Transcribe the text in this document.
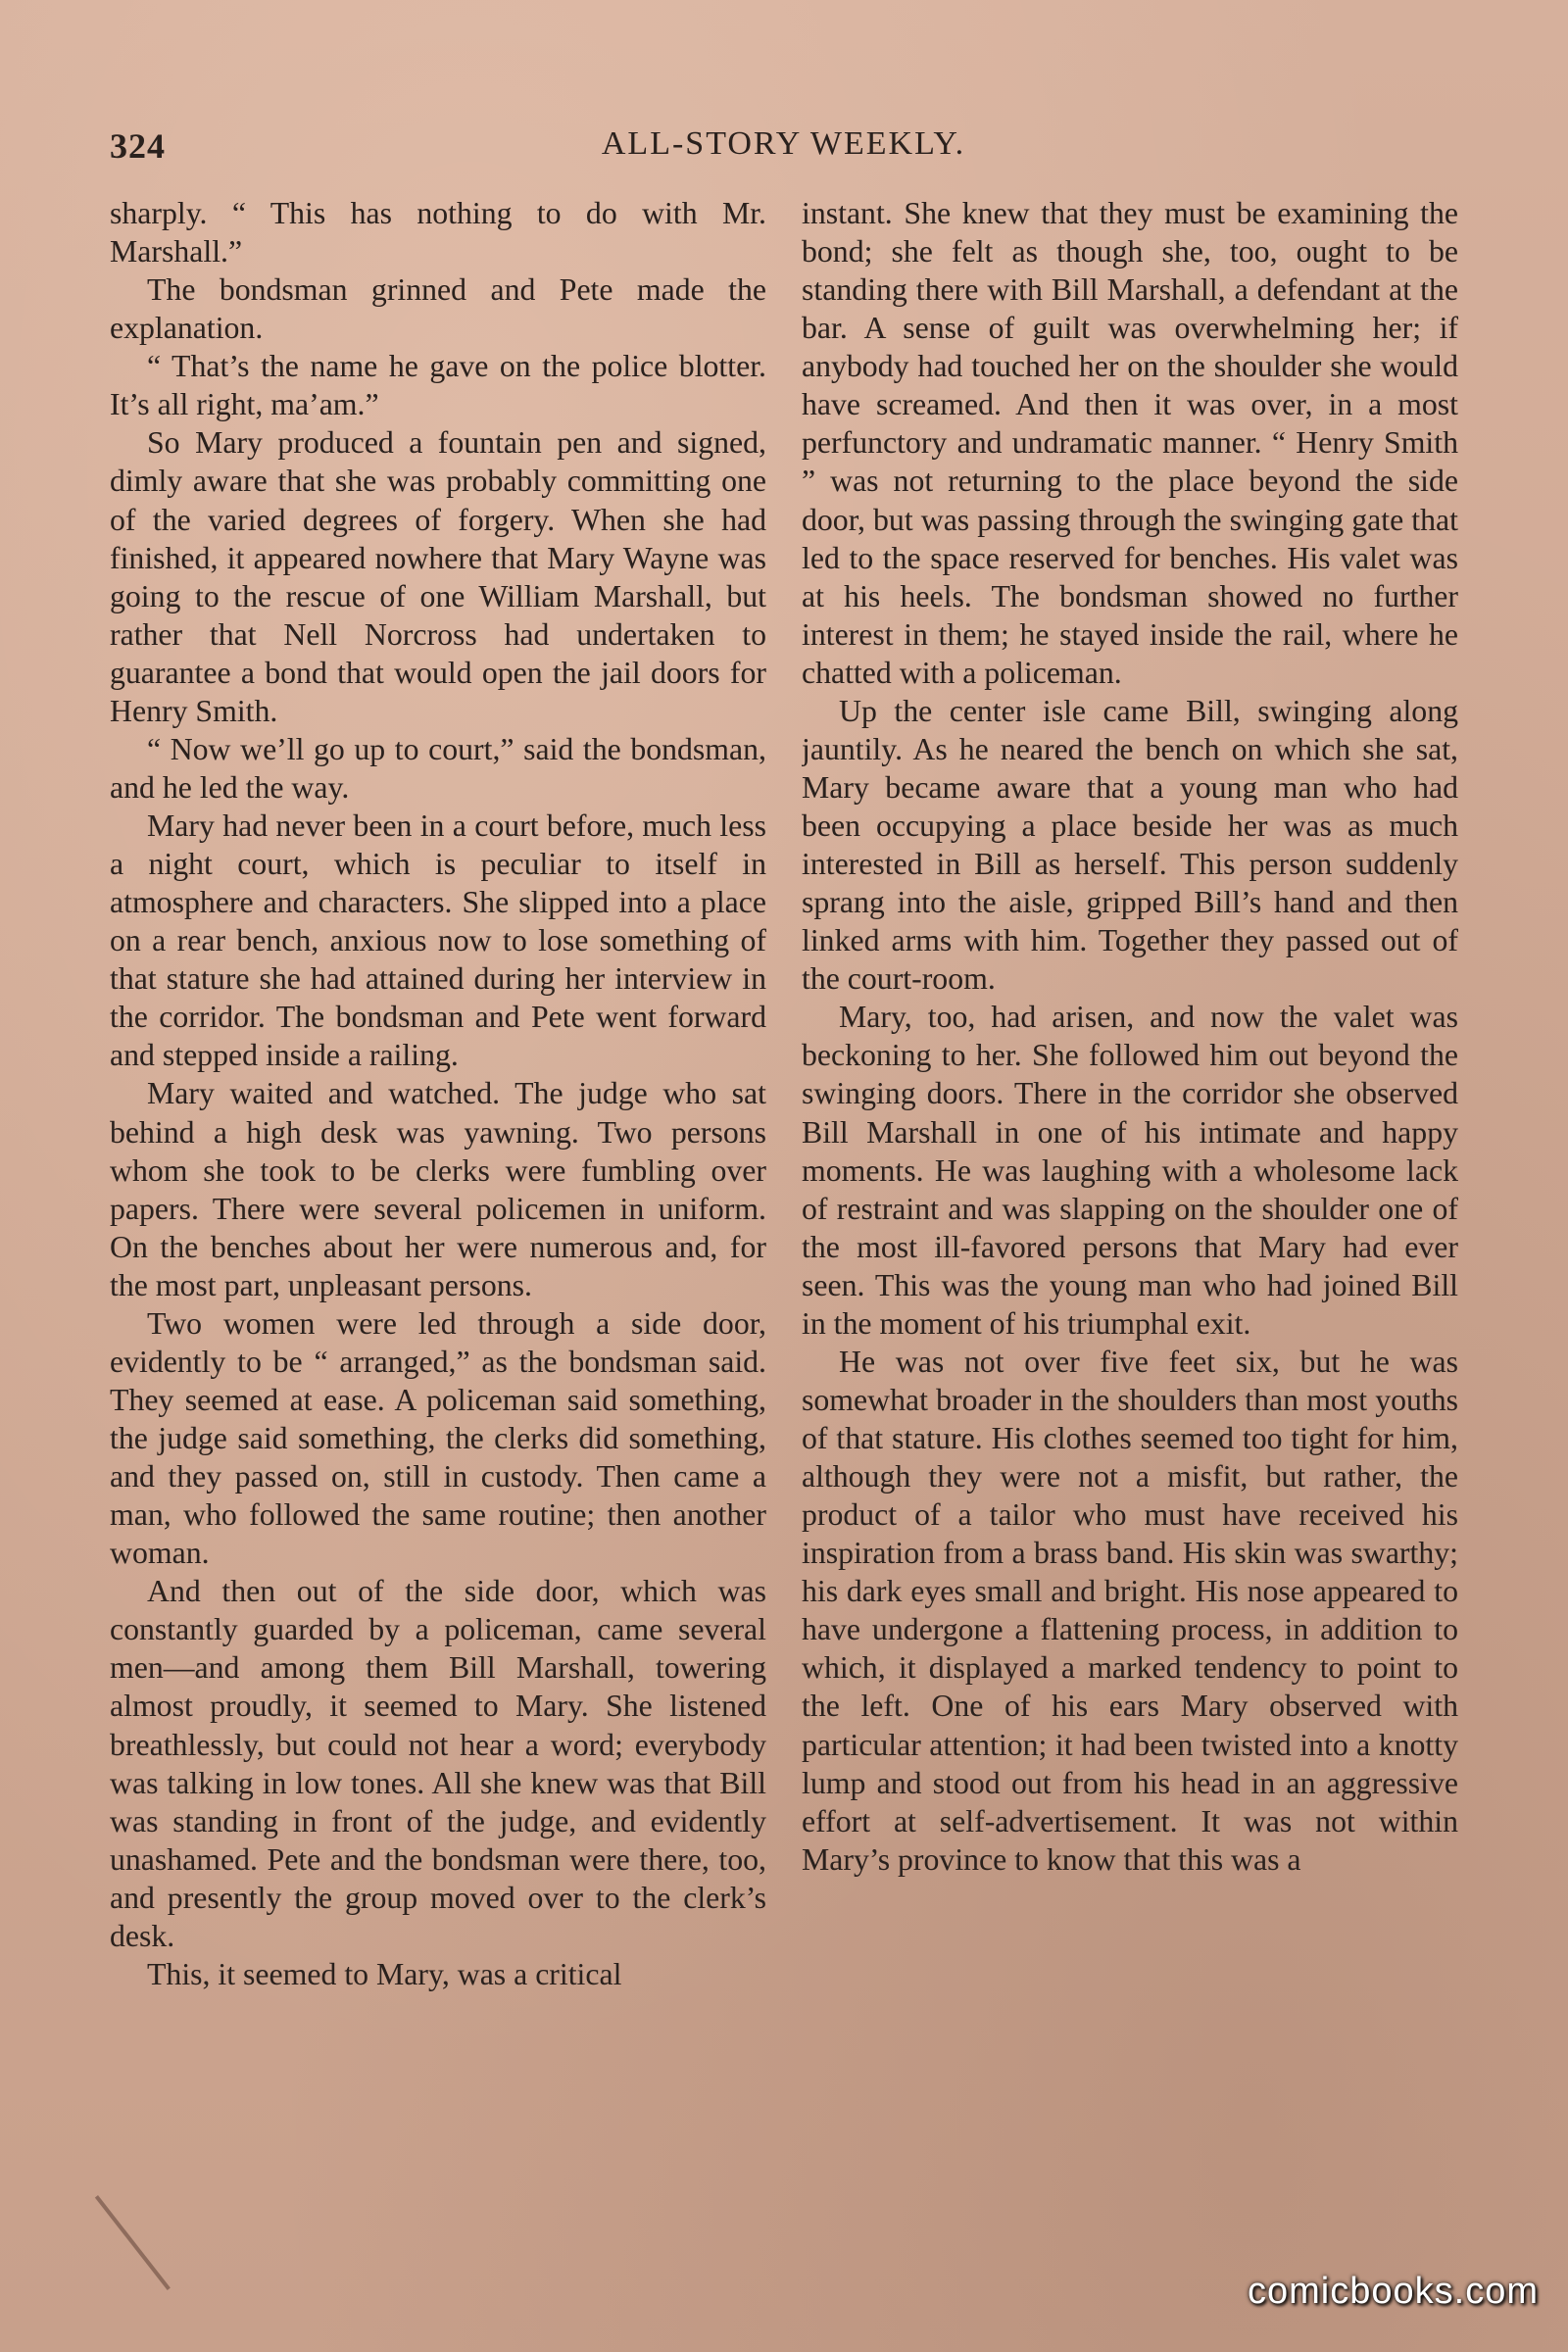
324	ALL-STORY WEEKLY.

sharply. “ This has nothing to do with Mr. Marshall.”

The bondsman grinned and Pete made the explanation.

“ That’s the name he gave on the police blotter. It’s all right, ma’am.”

So Mary produced a fountain pen and signed, dimly aware that she was probably committing one of the varied degrees of forgery. When she had finished, it appeared nowhere that Mary Wayne was going to the rescue of one William Marshall, but rather that Nell Norcross had undertaken to guarantee a bond that would open the jail doors for Henry Smith.

“ Now we’ll go up to court,” said the bondsman, and he led the way.

Mary had never been in a court before, much less a night court, which is peculiar to itself in atmosphere and characters. She slipped into a place on a rear bench, anxious now to lose something of that stature she had attained during her interview in the corridor. The bondsman and Pete went forward and stepped inside a railing.

Mary waited and watched. The judge who sat behind a high desk was yawning. Two persons whom she took to be clerks were fumbling over papers. There were several policemen in uniform. On the benches about her were numerous and, for the most part, unpleasant persons.

Two women were led through a side door, evidently to be “ arranged,” as the bondsman said. They seemed at ease. A policeman said something, the judge said something, the clerks did something, and they passed on, still in custody. Then came a man, who followed the same routine; then another woman.

And then out of the side door, which was constantly guarded by a policeman, came several men—and among them Bill Marshall, towering almost proudly, it seemed to Mary. She listened breathlessly, but could not hear a word; everybody was talking in low tones. All she knew was that Bill was standing in front of the judge, and evidently unashamed. Pete and the bondsman were there, too, and presently the group moved over to the clerk’s desk.

This, it seemed to Mary, was a critical

instant. She knew that they must be examining the bond; she felt as though she, too, ought to be standing there with Bill Marshall, a defendant at the bar. A sense of guilt was overwhelming her; if anybody had touched her on the shoulder she would have screamed. And then it was over, in a most perfunctory and undramatic manner. “ Henry Smith ” was not returning to the place beyond the side door, but was passing through the swinging gate that led to the space reserved for benches. His valet was at his heels. The bondsman showed no further interest in them; he stayed inside the rail, where he chatted with a policeman.

Up the center isle came Bill, swinging along jauntily. As he neared the bench on which she sat, Mary became aware that a young man who had been occupying a place beside her was as much interested in Bill as herself. This person suddenly sprang into the aisle, gripped Bill’s hand and then linked arms with him. Together they passed out of the court-room.

Mary, too, had arisen, and now the valet was beckoning to her. She followed him out beyond the swinging doors. There in the corridor she observed Bill Marshall in one of his intimate and happy moments. He was laughing with a wholesome lack of restraint and was slapping on the shoulder one of the most ill-favored persons that Mary had ever seen. This was the young man who had joined Bill in the moment of his triumphal exit.

He was not over five feet six, but he was somewhat broader in the shoulders than most youths of that stature. His clothes seemed too tight for him, although they were not a misfit, but rather, the product of a tailor who must have received his inspiration from a brass band. His skin was swarthy; his dark eyes small and bright. His nose appeared to have undergone a flattening process, in addition to which, it displayed a marked tendency to point to the left. One of his ears Mary observed with particular attention; it had been twisted into a knotty lump and stood out from his head in an aggressive effort at self-advertisement. It was not within Mary’s province to know that this was a

comicbooks.com
